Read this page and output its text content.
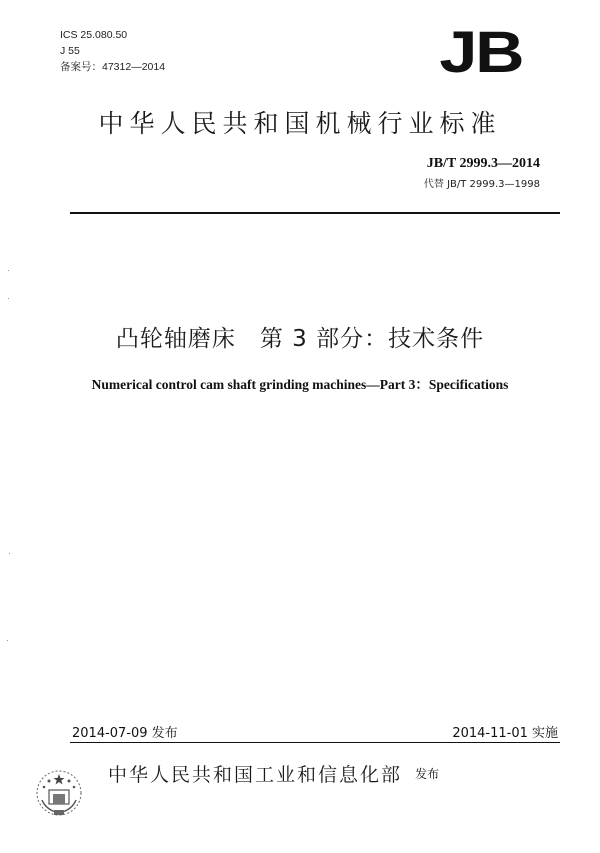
ICS 25.080.50
J 55
备案号：47312—2014	JB
中华人民共和国机械行业标准
JB/T 2999.3—2014
代替 JB/T 2999.3—1998
凸轮轴磨床　第 3 部分：技术条件
Numerical control cam shaft grinding machines—Part 3：Specifications
2014-07-09 发布	2014-11-01 实施
中华人民共和国工业和信息化部 发布
